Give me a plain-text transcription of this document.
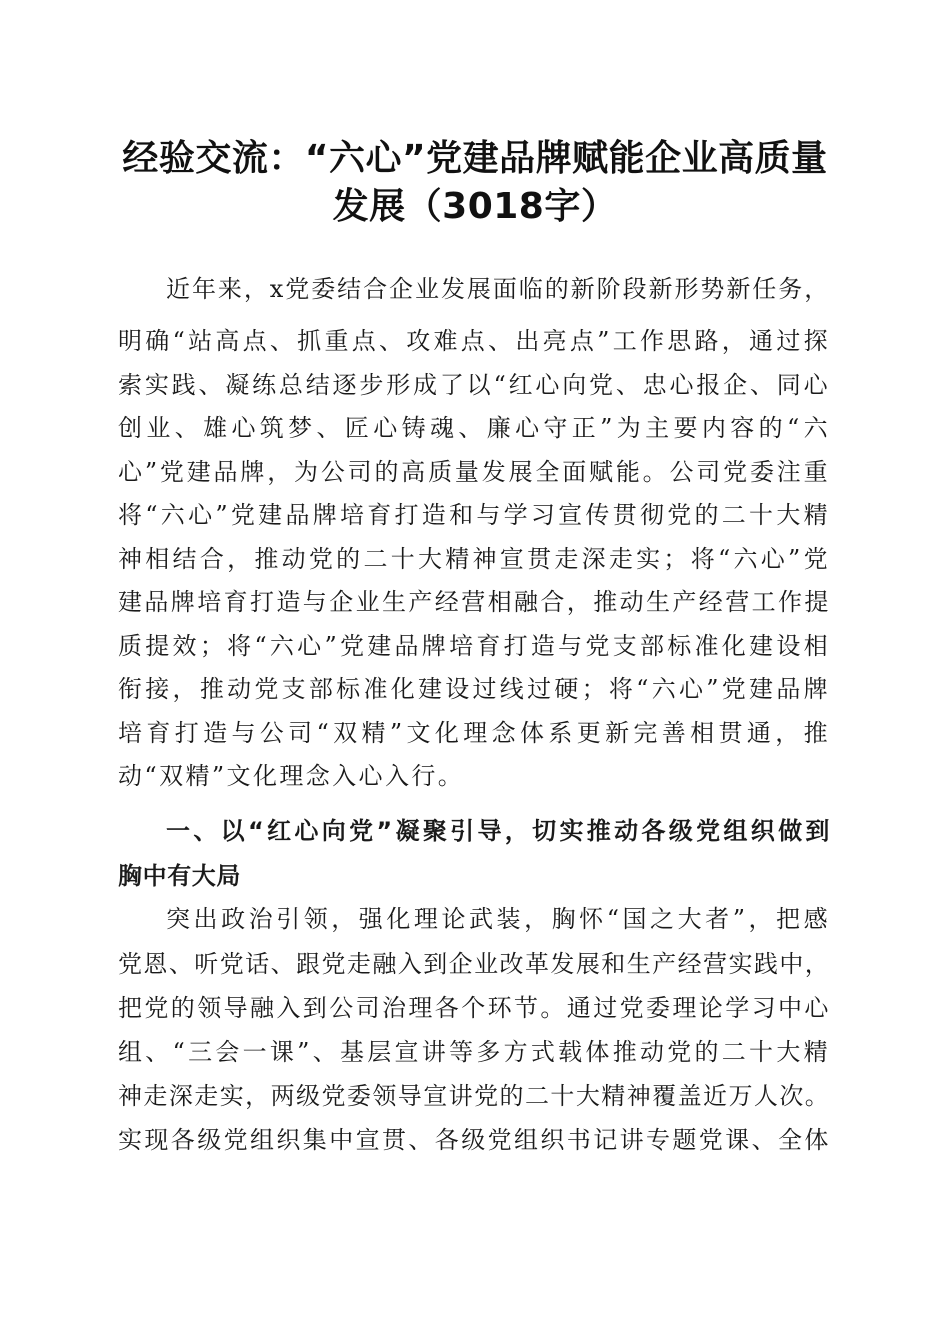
经验交流：“六心”党建品牌赋能企业高质量
发展（3018字）
近年来，x党委结合企业发展面临的新阶段新形势新任务，
明确“站高点、抓重点、攻难点、出亮点”工作思路，通过探
索实践、凝练总结逐步形成了以“红心向党、忠心报企、同心
创业、雄心筑梦、匠心铸魂、廉心守正”为主要内容的“六
心”党建品牌，为公司的高质量发展全面赋能。公司党委注重
将“六心”党建品牌培育打造和与学习宣传贯彻党的二十大精
神相结合，推动党的二十大精神宣贯走深走实；将“六心”党
建品牌培育打造与企业生产经营相融合，推动生产经营工作提
质提效；将“六心”党建品牌培育打造与党支部标准化建设相
衔接，推动党支部标准化建设过线过硬；将“六心”党建品牌
培育打造与公司“双精”文化理念体系更新完善相贯通，推
动“双精”文化理念入心入行。
一、以“红心向党”凝聚引导，切实推动各级党组织做到
胸中有大局
突出政治引领，强化理论武装，胸怀“国之大者”，把感
党恩、听党话、跟党走融入到企业改革发展和生产经营实践中，
把党的领导融入到公司治理各个环节。通过党委理论学习中心
组、“三会一课”、基层宣讲等多方式载体推动党的二十大精
神走深走实，两级党委领导宣讲党的二十大精神覆盖近万人次。
实现各级党组织集中宣贯、各级党组织书记讲专题党课、全体
